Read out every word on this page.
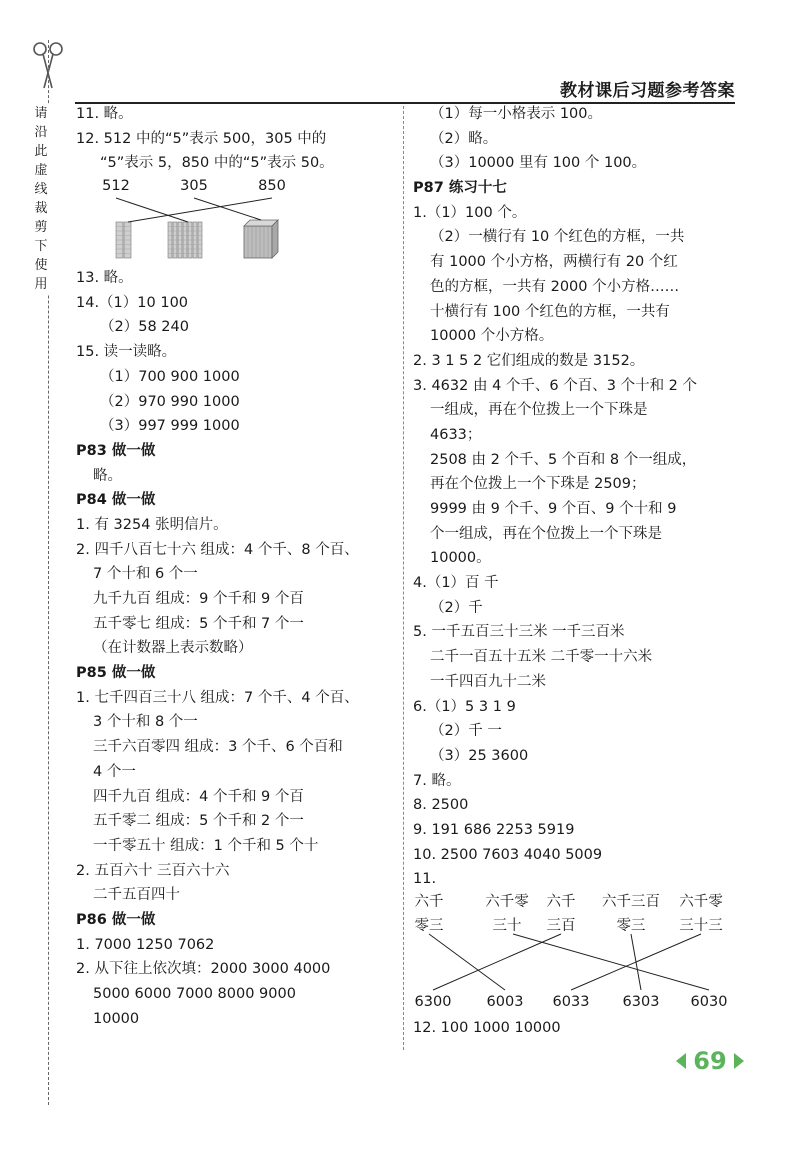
请
沿
此
虚
线
裁
剪
下
使
用
教材课后习题参考答案
11. 略。
12. 512 中的“5”表示 500，305 中的
“5”表示 5，850 中的“5”表示 50。
512	305	850
13. 略。
14.（1）10 100
（2）58 240
15. 读一读略。
（1）700 900 1000
（2）970 990 1000
（3）997 999 1000
P83 做一做
略。
P84 做一做
1. 有 3254 张明信片。
2. 四千八百七十六 组成：4 个千、8 个百、
7 个十和 6 个一
九千九百 组成：9 个千和 9 个百
五千零七 组成：5 个千和 7 个一
（在计数器上表示数略）
P85 做一做
1. 七千四百三十八 组成：7 个千、4 个百、
3 个十和 8 个一
三千六百零四 组成：3 个千、6 个百和
4 个一
四千九百 组成：4 个千和 9 个百
五千零二 组成：5 个千和 2 个一
一千零五十 组成：1 个千和 5 个十
2. 五百六十 三百六十六
二千五百四十
P86 做一做
1. 7000 1250 7062
2. 从下往上依次填：2000 3000 4000
5000 6000 7000 8000 9000
10000
（1）每一小格表示 100。
（2）略。
（3）10000 里有 100 个 100。
P87 练习十七
1.（1）100 个。
（2）一横行有 10 个红色的方框，一共
有 1000 个小方格，两横行有 20 个红
色的方框，一共有 2000 个小方格……
十横行有 100 个红色的方框，一共有
10000 个小方格。
2. 3 1 5 2 它们组成的数是 3152。
3. 4632 由 4 个千、6 个百、3 个十和 2 个
一组成，再在个位拨上一个下珠是
4633；
2508 由 2 个千、5 个百和 8 个一组成，
再在个位拨上一个下珠是 2509；
9999 由 9 个千、9 个百、9 个十和 9
个一组成，再在个位拨上一个下珠是
10000。
4.（1）百 千
（2）千
5. 一千五百三十三米 一千三百米
二千一百五十五米 二千零一十六米
一千四百九十二米
6.（1）5 3 1 9
（2）千 一
（3）25 3600
7. 略。
8. 2500
9. 191 686 2253 5919
10. 2500 7603 4040 5009
11.
六千	六千零 六千 六千三百 六千零
零三	三十 三百	零三 三十三
6300 6003 6033 6303 6030
12. 100 1000 10000
69
